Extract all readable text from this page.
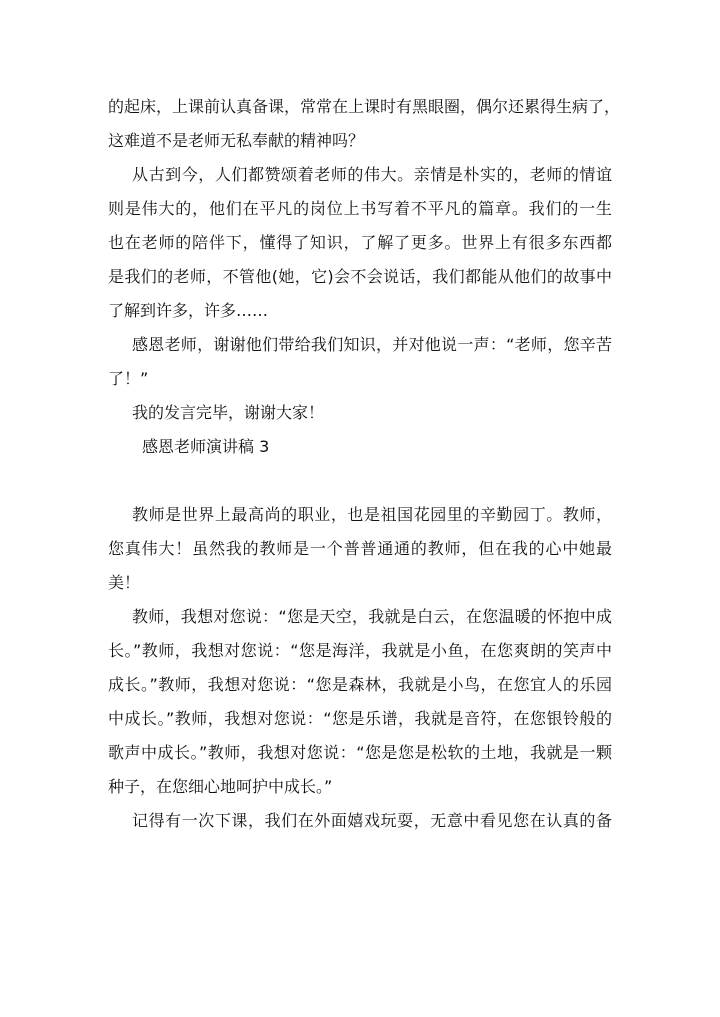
的起床，上课前认真备课，常常在上课时有黑眼圈，偶尔还累得生病了，
这难道不是老师无私奉献的精神吗？
从古到今，人们都赞颂着老师的伟大。亲情是朴实的，老师的情谊
则是伟大的，他们在平凡的岗位上书写着不平凡的篇章。我们的一生
也在老师的陪伴下，懂得了知识，了解了更多。世界上有很多东西都
是我们的老师，不管他(她，它)会不会说话，我们都能从他们的故事中
了解到许多，许多……
感恩老师，谢谢他们带给我们知识，并对他说一声：“老师，您辛苦
了！”
我的发言完毕，谢谢大家！
感恩老师演讲稿 3
教师是世界上最高尚的职业，也是祖国花园里的辛勤园丁。教师，
您真伟大！虽然我的教师是一个普普通通的教师，但在我的心中她最
美！
教师，我想对您说：“您是天空，我就是白云，在您温暖的怀抱中成
长。”教师，我想对您说：“您是海洋，我就是小鱼，在您爽朗的笑声中
成长。”教师，我想对您说：“您是森林，我就是小鸟，在您宜人的乐园
中成长。”教师，我想对您说：“您是乐谱，我就是音符，在您银铃般的
歌声中成长。”教师，我想对您说：“您是您是松软的土地，我就是一颗
种子，在您细心地呵护中成长。”
记得有一次下课，我们在外面嬉戏玩耍，无意中看见您在认真的备
